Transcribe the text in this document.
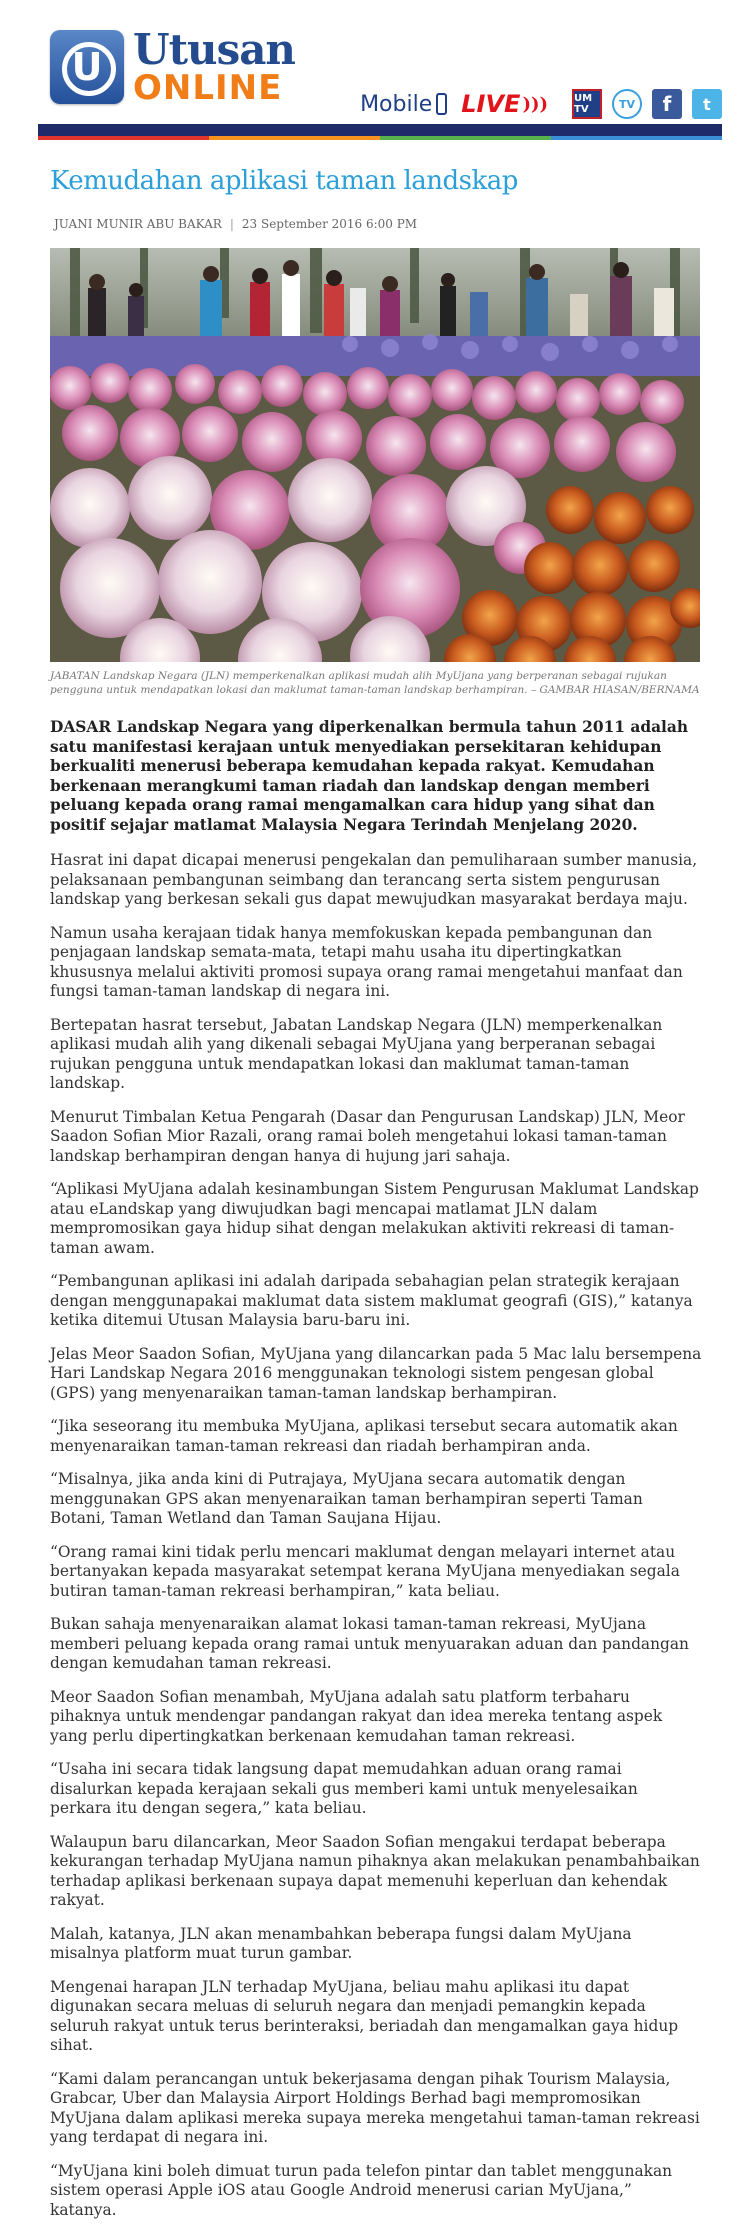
U Utusan
ONLINE	Mobile LIVE )))	UM TV	TV	f	t
Kemudahan aplikasi taman landskap
JUANI MUNIR ABU BAKAR | 23 September 2016 6:00 PM
JABATAN Landskap Negara (JLN) memperkenalkan aplikasi mudah alih MyUjana yang berperanan sebagai rujukan pengguna untuk mendapatkan lokasi dan maklumat taman-taman landskap berhampiran. – GAMBAR HIASAN/BERNAMA

DASAR Landskap Negara yang diperkenalkan bermula tahun 2011 adalah satu manifestasi kerajaan untuk menyediakan persekitaran kehidupan berkualiti menerusi beberapa kemudahan kepada rakyat. Kemudahan berkenaan merangkumi taman riadah dan landskap dengan memberi peluang kepada orang ramai mengamalkan cara hidup yang sihat dan positif sejajar matlamat Malaysia Negara Terindah Menjelang 2020.

Hasrat ini dapat dicapai menerusi pengekalan dan pemuliharaan sumber manusia, pelaksanaan pembangunan seimbang dan terancang serta sistem pengurusan landskap yang berkesan sekali gus dapat mewujudkan masyarakat berdaya maju.

Namun usaha kerajaan tidak hanya memfokuskan kepada pembangunan dan penjagaan landskap semata-mata, tetapi mahu usaha itu dipertingkatkan khususnya melalui aktiviti promosi supaya orang ramai mengetahui manfaat dan fungsi taman-taman landskap di negara ini.

Bertepatan hasrat tersebut, Jabatan Landskap Negara (JLN) memperkenalkan aplikasi mudah alih yang dikenali sebagai MyUjana yang berperanan sebagai rujukan pengguna untuk mendapatkan lokasi dan maklumat taman-taman landskap.

Menurut Timbalan Ketua Pengarah (Dasar dan Pengurusan Landskap) JLN, Meor Saadon Sofian Mior Razali, orang ramai boleh mengetahui lokasi taman-taman landskap berhampiran dengan hanya di hujung jari sahaja.

“Aplikasi MyUjana adalah kesinambungan Sistem Pengurusan Maklumat Landskap atau eLandskap yang diwujudkan bagi mencapai matlamat JLN dalam mempromosikan gaya hidup sihat dengan melakukan aktiviti rekreasi di taman-taman awam.

“Pembangunan aplikasi ini adalah daripada sebahagian pelan strategik kerajaan dengan menggunapakai maklumat data sistem maklumat geografi (GIS),” katanya ketika ditemui Utusan Malaysia baru-baru ini.

Jelas Meor Saadon Sofian, MyUjana yang dilancarkan pada 5 Mac lalu bersempena Hari Landskap Negara 2016 menggunakan teknologi sistem pengesan global (GPS) yang menyenaraikan taman-taman landskap berhampiran.

“Jika seseorang itu membuka MyUjana, aplikasi tersebut secara automatik akan menyenaraikan taman-taman rekreasi dan riadah berhampiran anda.

“Misalnya, jika anda kini di Putrajaya, MyUjana secara automatik dengan menggunakan GPS akan menyenaraikan taman berhampiran seperti Taman Botani, Taman Wetland dan Taman Saujana Hijau.

“Orang ramai kini tidak perlu mencari maklumat dengan melayari internet atau bertanyakan kepada masyarakat setempat kerana MyUjana menyediakan segala butiran taman-taman rekreasi berhampiran,” kata beliau.

Bukan sahaja menyenaraikan alamat lokasi taman-taman rekreasi, MyUjana memberi peluang kepada orang ramai untuk menyuarakan aduan dan pandangan dengan kemudahan taman rekreasi.

Meor Saadon Sofian menambah, MyUjana adalah satu platform terbaharu pihaknya untuk mendengar pandangan rakyat dan idea mereka tentang aspek yang perlu dipertingkatkan berkenaan kemudahan taman rekreasi.

“Usaha ini secara tidak langsung dapat memudahkan aduan orang ramai disalurkan kepada kerajaan sekali gus memberi kami untuk menyelesaikan perkara itu dengan segera,” kata beliau.

Walaupun baru dilancarkan, Meor Saadon Sofian mengakui terdapat beberapa kekurangan terhadap MyUjana namun pihaknya akan melakukan penambahbaikan terhadap aplikasi berkenaan supaya dapat memenuhi keperluan dan kehendak rakyat.

Malah, katanya, JLN akan menambahkan beberapa fungsi dalam MyUjana misalnya platform muat turun gambar.

Mengenai harapan JLN terhadap MyUjana, beliau mahu aplikasi itu dapat digunakan secara meluas di seluruh negara dan menjadi pemangkin kepada seluruh rakyat untuk terus berinteraksi, beriadah dan mengamalkan gaya hidup sihat.

“Kami dalam perancangan untuk bekerjasama dengan pihak Tourism Malaysia, Grabcar, Uber dan Malaysia Airport Holdings Berhad bagi mempromosikan MyUjana dalam aplikasi mereka supaya mereka mengetahui taman-taman rekreasi yang terdapat di negara ini.

“MyUjana kini boleh dimuat turun pada telefon pintar dan tablet menggunakan sistem operasi Apple iOS atau Google Android menerusi carian MyUjana,” katanya.
